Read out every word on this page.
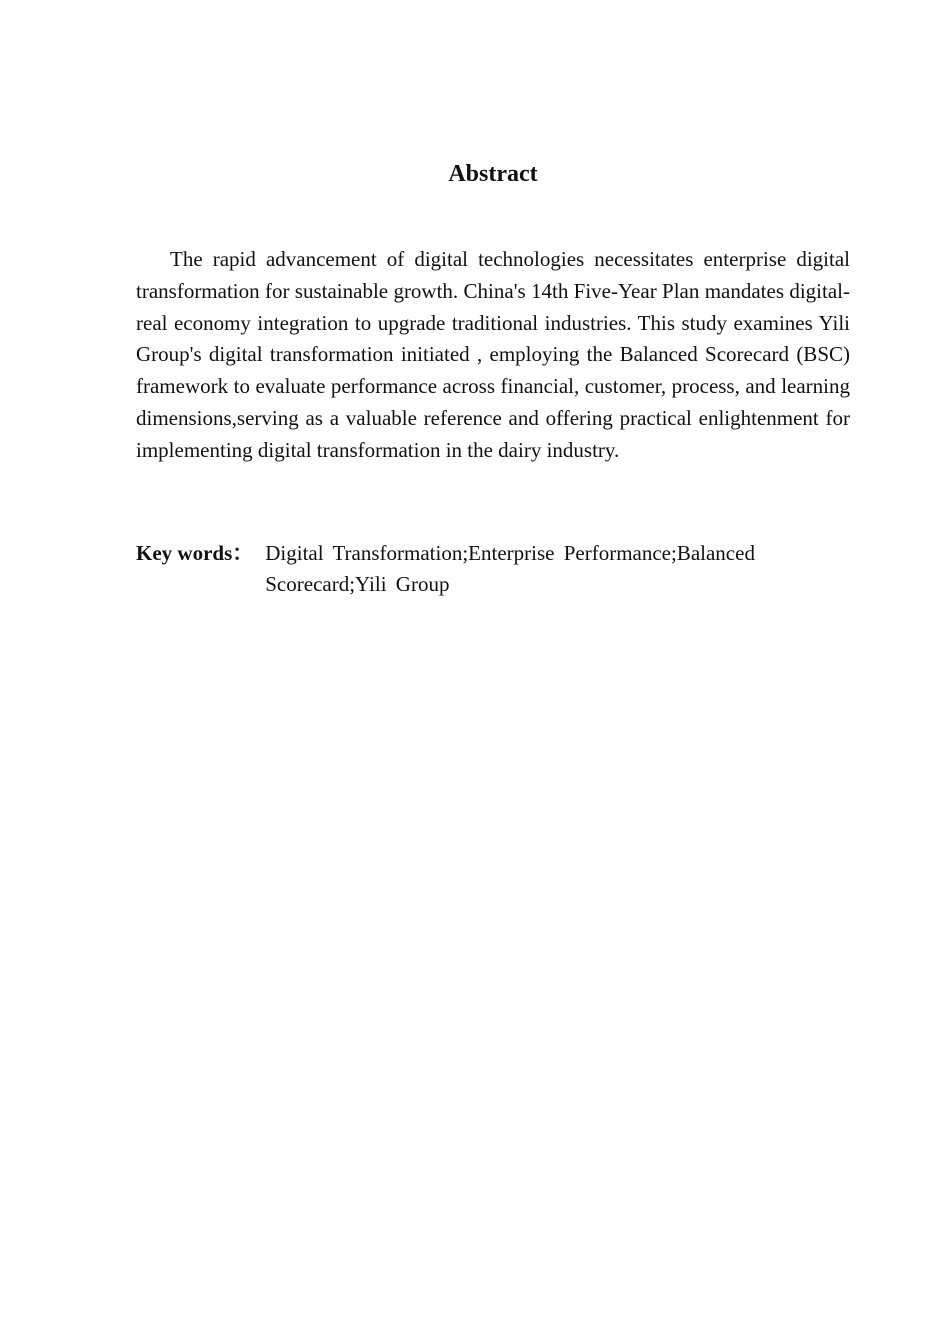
Abstract

The rapid advancement of digital technologies necessitates enterprise digital transformation for sustainable growth. China's 14th Five-Year Plan mandates digital-real economy integration to upgrade traditional industries. This study examines Yili Group's digital transformation initiated , employing the Balanced Scorecard (BSC) framework to evaluate performance across financial, customer, process, and learning dimensions,serving as a valuable reference and offering practical enlightenment for implementing digital transformation in the dairy industry.

Key words ： Digital Transformation;Enterprise Performance;Balanced Scorecard;Yili Group
